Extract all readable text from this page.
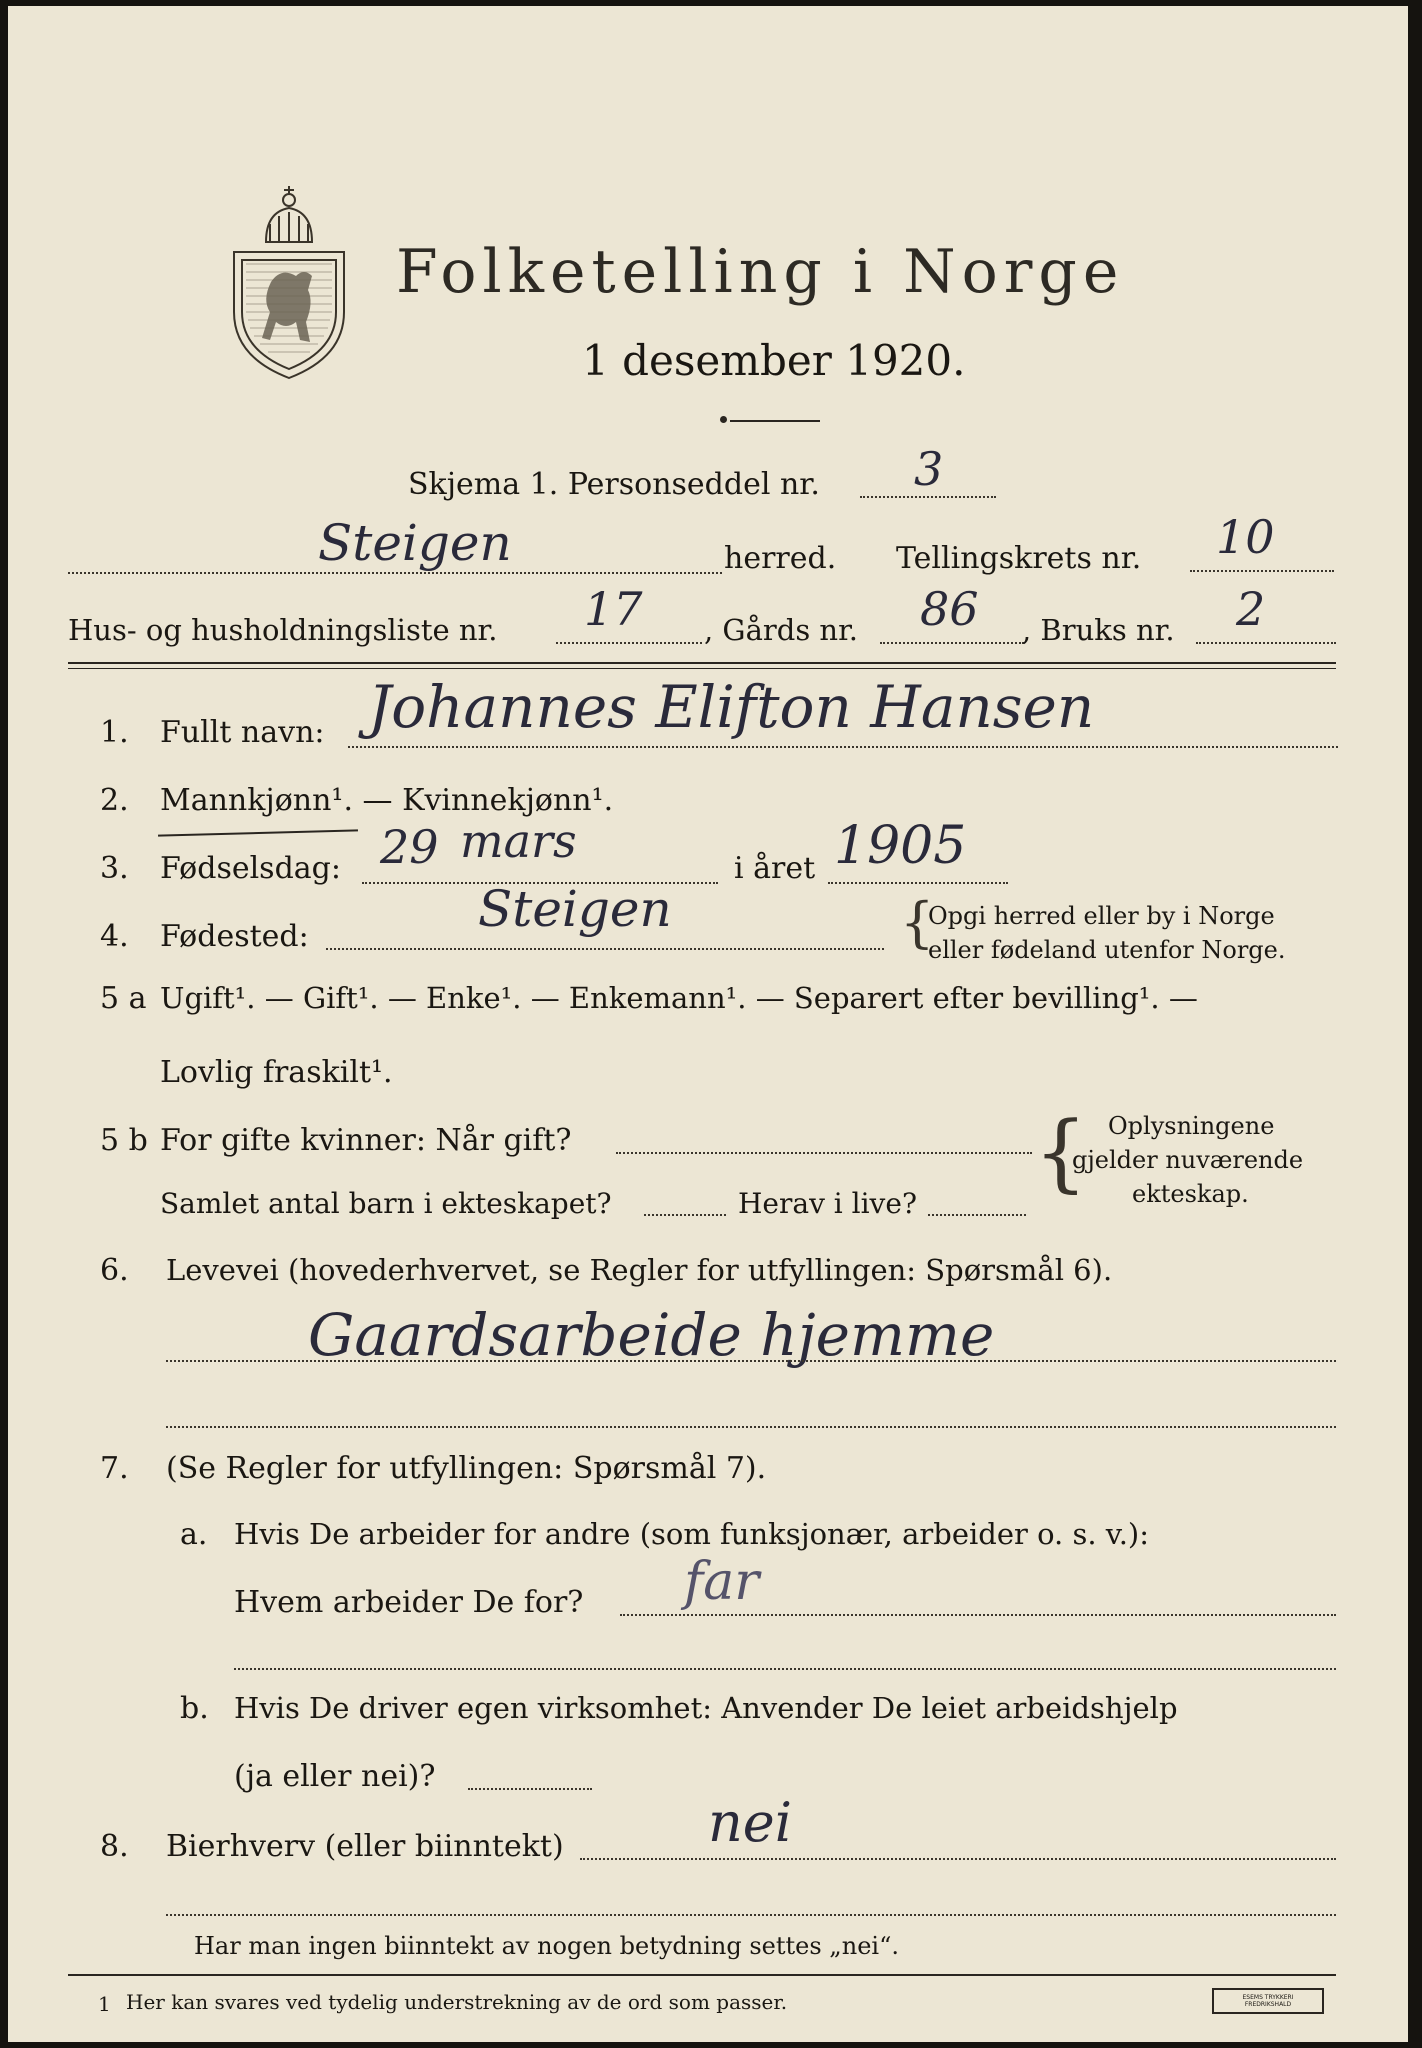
Folketelling i Norge
1 desember 1920.
Skjema 1. Personseddel nr. 3
Steigen	herred. Tellingskrets nr. 10
Hus- og husholdningsliste nr. 17 , Gårds nr. 86 , Bruks nr. 2
1. Fullt navn: Johannes Elifton Hansen
2. Mannkjønn¹. — Kvinnekjønn¹.
3. Fødselsdag: 29 mars
i året 1905
4. Fødested:	Steigen	{
Opgi herred eller by i Norge
eller fødeland utenfor Norge.
5 a Ugift¹. — Gift¹. — Enke¹. — Enkemann¹. — Separert efter bevilling¹. —
Lovlig fraskilt¹.
5 b For gifte kvinner: Når gift?
Samlet antal barn i ekteskapet?	Herav i live?
{ Oplysningene
gjelder nuværende
ekteskap.
6. Levevei (hovederhvervet, se Regler for utfyllingen: Spørsmål 6).
Gaardsarbeide hjemme
7. (Se Regler for utfyllingen: Spørsmål 7).
a. Hvis De arbeider for andre (som funksjonær, arbeider o. s. v.):
Hvem arbeider De for? far
b. Hvis De driver egen virksomhet: Anvender De leiet arbeidshjelp
(ja eller nei)?
8. Bierhverv (eller biinntekt)	nei
Har man ingen biinntekt av nogen betydning settes „nei“.
1 Her kan svares ved tydelig understrekning av de ord som passer.	ESEMS TRYKKERI FREDRIKSHALD
